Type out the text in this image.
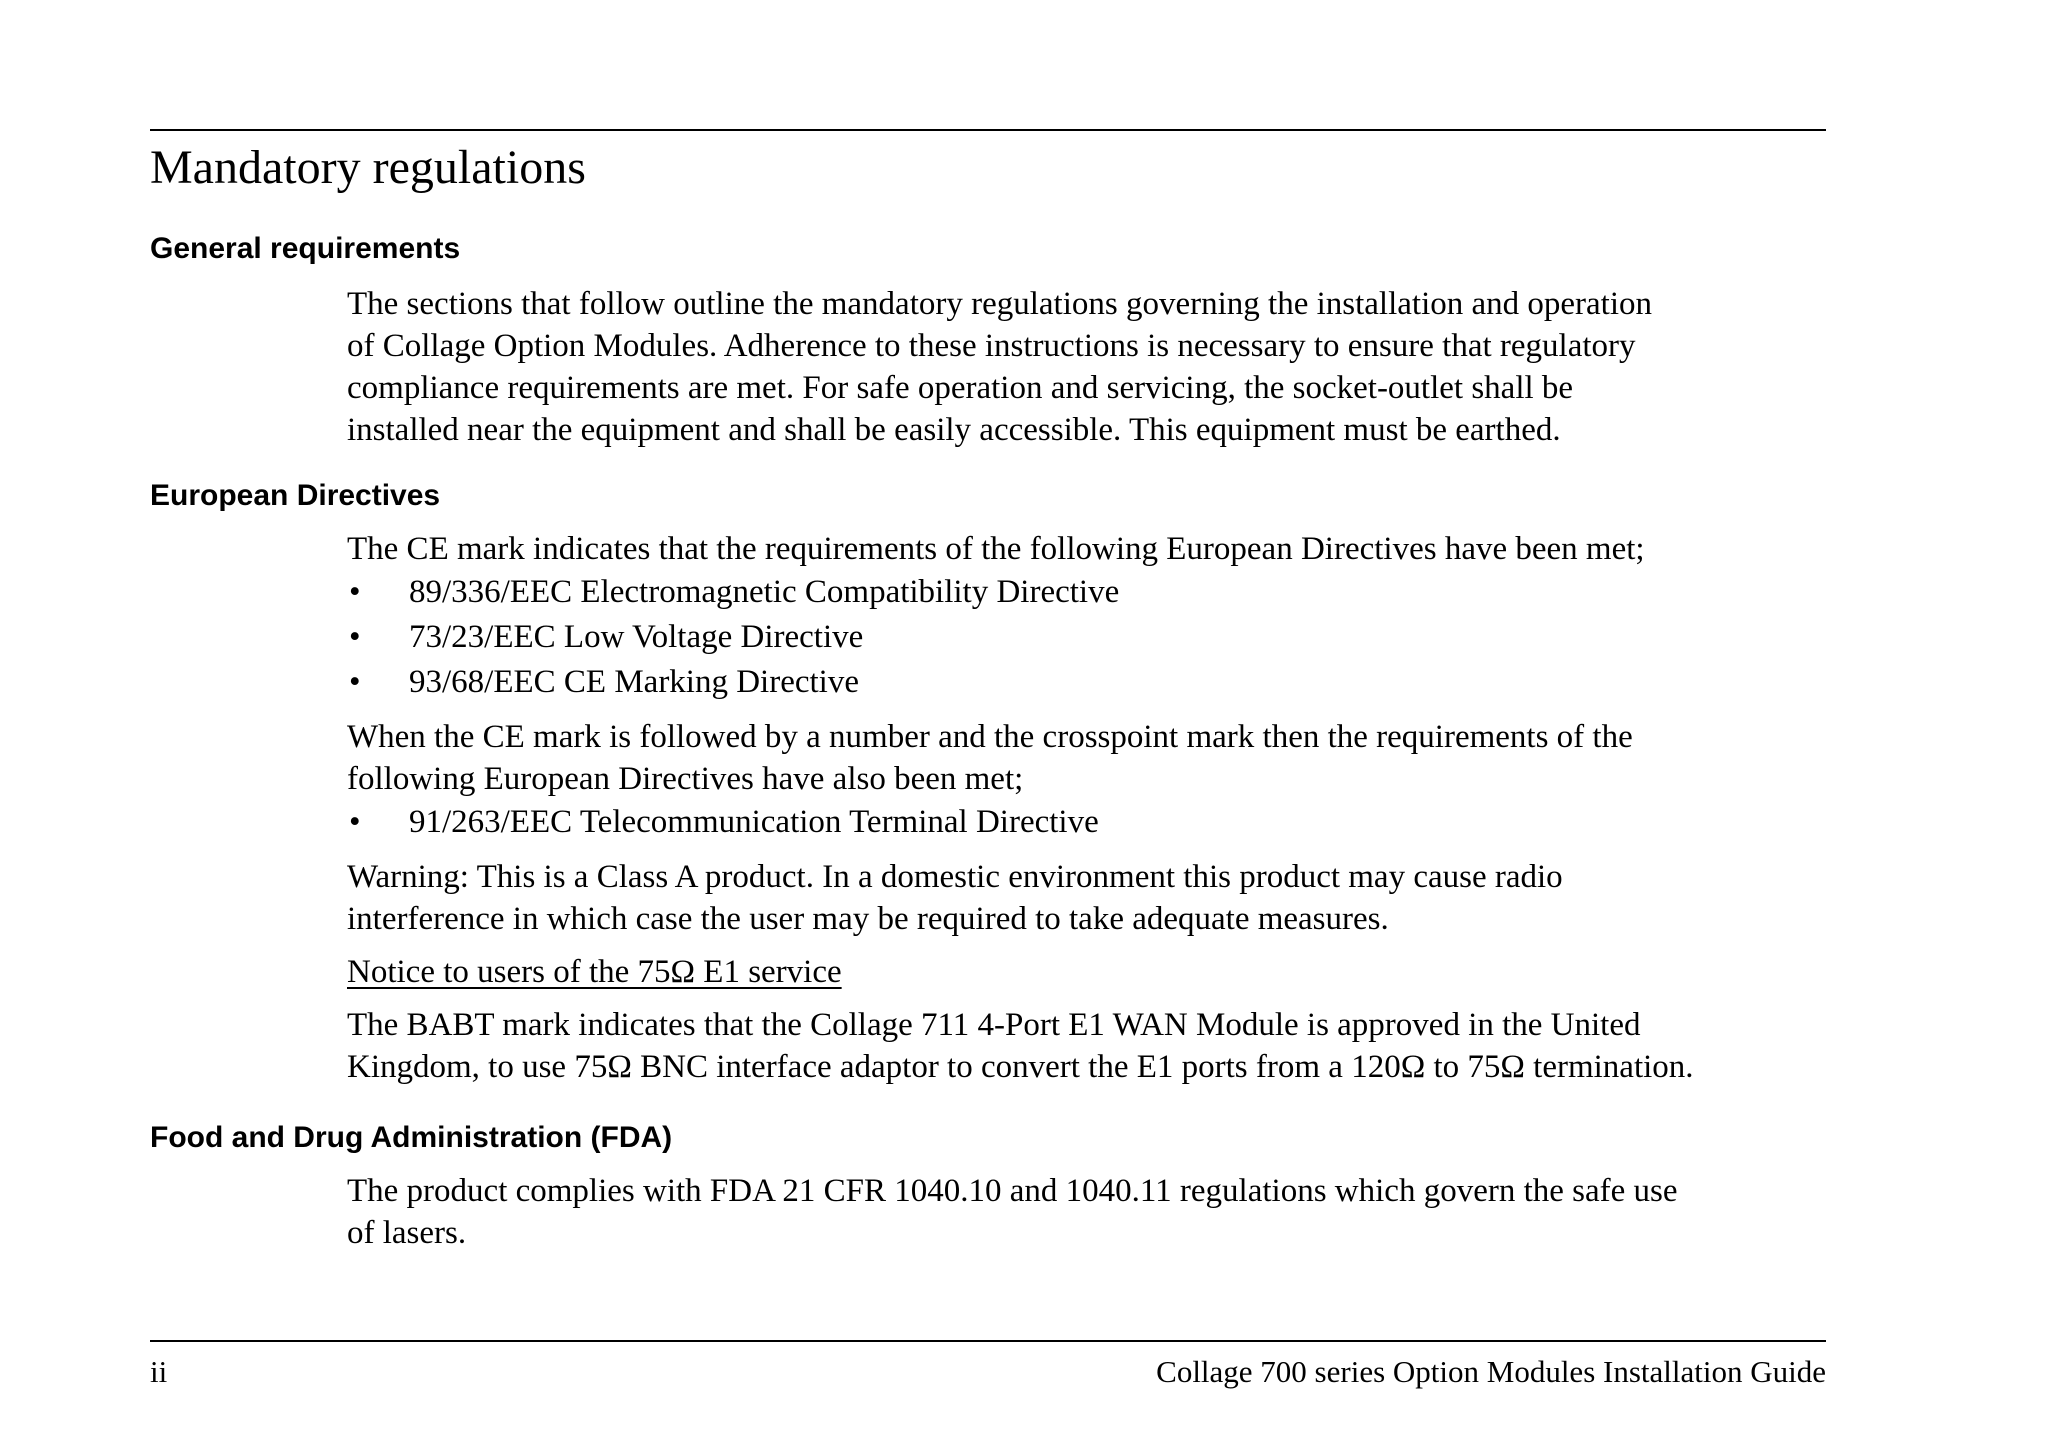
Mandatory regulations
General requirements

The sections that follow outline the mandatory regulations governing the installation and operation

of Collage Option Modules. Adherence to these instructions is necessary to ensure that regulatory

compliance requirements are met. For safe operation and servicing, the socket-outlet shall be

installed near the equipment and shall be easily accessible. This equipment must be earthed.

European Directives

The CE mark indicates that the requirements of the following European Directives have been met;

• 89/336/EEC Electromagnetic Compatibility Directive
• 73/23/EEC Low Voltage Directive
• 93/68/EEC CE Marking Directive

When the CE mark is followed by a number and the crosspoint mark then the requirements of the

following European Directives have also been met;

• 91/263/EEC Telecommunication Terminal Directive

Warning: This is a Class A product. In a domestic environment this product may cause radio

interference in which case the user may be required to take adequate measures.

Notice to users of the 75Ω E1 service

The BABT mark indicates that the Collage 711 4-Port E1 WAN Module is approved in the United

Kingdom, to use 75Ω BNC interface adaptor to convert the E1 ports from a 120Ω to 75Ω termination.

Food and Drug Administration (FDA)

The product complies with FDA 21 CFR 1040.10 and 1040.11 regulations which govern the safe use

of lasers.

ii	Collage 700 series Option Modules Installation Guide
